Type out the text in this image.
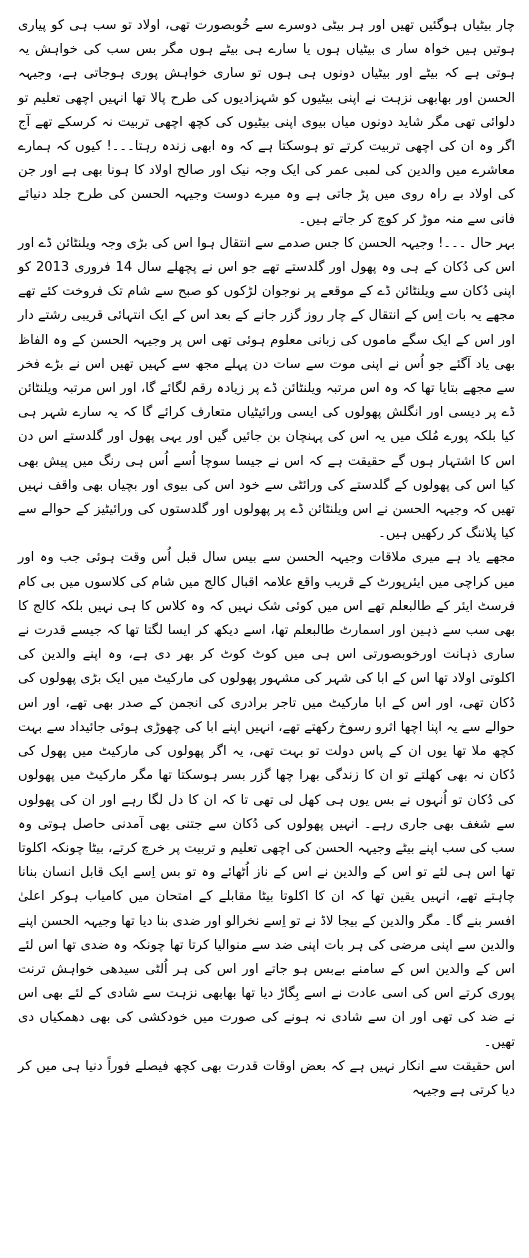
چار بیٹیاں ہوگئیں تھیں اور ہر بیٹی دوسرے سے خُوبصورت تھی، اولاد تو سب ہی کو پیاری ہوتیں ہیں خواہ سار ی بیٹیاں ہوں یا سارے ہی بیٹے ہوں مگر بس سب کی خواہش یہ ہوتی ہے کہ بیٹے اور بیٹیاں دونوں ہی ہوں تو ساری خواہش پوری ہوجاتی ہے، وجیہہ الحسن اور بھابھی نزہت نے اپنی بیٹیوں کو شہزادیوں کی طرح پالا تھا انہیں اچھی تعلیم تو دلوائی تھی مگر شاید دونوں میاں بیوی اپنی بیٹیوں کی کچھ اچھی تربیت نہ کرسکے تھے آج اگر وہ ان کی اچھی تربیت کرتے تو ہوسکتا ہے کہ وہ ابھی زندہ رہتا۔۔۔! کیوں کہ ہمارے معاشرے میں والدین کی لمبی عمر کی ایک وجہ نیک اور صالح اولاد کا ہونا بھی ہے اور جن کی اولاد بے راہ روی میں پڑ جاتی ہے وہ میرے دوست وجیہہ الحسن کی طرح جلد دنیائے فانی سے منہ موڑ کر کوچ کر جاتے ہیں۔

بہر حال ۔۔۔! وجیہہ الحسن کا جس صدمے سے انتقال ہوا اس کی بڑی وجہ ویلنٹائن ڈے اور اس کی دُکان کے ہی وہ پھول اور گلدستے تھے جو اس نے پچھلے سال 14 فروری 2013 کو اپنی دُکان سے ویلنٹائن ڈے کے موقعے پر نوجوان لڑکوں کو صبح سے شام تک فروخت کئے تھے مجھے یہ بات اِس کے انتقال کے چار روز گزر جانے کے بعد اس کے ایک انتہائی قریبی رشتے دار اور اس کے ایک سگے ماموں کی زبانی معلوم ہوئی تھی اس پر وجیہہ الحسن کے وہ الفاظ بھی یاد آگئے جو اُس نے اپنی موت سے سات دن پہلے مجھ سے کہیں تھیں اس نے بڑے فخر سے مجھے بتایا تھا کہ وہ اس مرتبہ ویلنٹائن ڈے پر زیادہ رقم لگائے گا، اور اس مرتبہ ویلنٹائن ڈے پر دیسی اور انگلش پھولوں کی ایسی ورائیٹیاں متعارف کرائے گا کہ یہ سارے شہر ہی کیا بلکہ پورے مُلک میں یہ اس کی پہنچان بن جائیں گیں اور یہی پھول اور گلدستے اس دن اس کا اشتہار ہوں گے حقیقت ہے کہ اس نے جیسا سوچا اُسے اُس ہی رنگ میں پیش بھی کیا اس کی پھولوں کے گلدستے کی ورائٹی سے خود اس کی بیوی اور بچیاں بھی واقف نہیں تھیں کہ وجیہہ الحسن نے اس ویلنٹائن ڈے پر پھولوں اور گلدستوں کی ورائیٹیز کے حوالے سے کیا پلاننگ کر رکھیں ہیں۔

مجھے یاد ہے میری ملاقات وجیہہ الحسن سے بیس سال قبل اُس وقت ہوئی جب وہ اور میں کراچی میں ایئرپورٹ کے قریب واقع علامہ اقبال کالج میں شام کی کلاسوں میں بی کام فرسٹ ایئر کے طالبعلم تھے اس میں کوئی شک نہیں کہ وہ کلاس کا ہی نہیں بلکہ کالج کا بھی سب سے ذہین اور اسمارٹ طالبعلم تھا، اسے دیکھ کر ایسا لگتا تھا کہ جیسے قدرت نے ساری ذہانت اورخوبصورتی اس ہی میں کوٹ کوٹ کر بھر دی ہے، وہ اپنے والدین کی اکلوتی اولاد تھا اس کے ابا کی شہر کی مشہور پھولوں کی مارکیٹ میں ایک بڑی پھولوں کی دُکان تھی، اور اس کے ابا مارکیٹ میں تاجر برادری کی انجمن کے صدر بھی تھے، اور اس حوالے سے یہ اپنا اچھا اثرو رسوخ رکھتے تھے، انہیں اپنے ابا کی چھوڑی ہوئی جائیداد سے بہت کچھ ملا تھا یوں ان کے پاس دولت تو بہت تھی، یہ اگر پھولوں کی مارکیٹ میں پھول کی دُکان نہ بھی کھلتے تو ان کا زندگی بھرا چھا گزر بسر ہوسکتا تھا مگر مارکیٹ میں پھولوں کی دُکان تو اُنہوں نے بس یوں ہی کھل لی تھی تا کہ ان کا دل لگا رہے اور ان کی پھولوں سے شغف بھی جاری رہے۔ انہیں پھولوں کی دُکان سے جتنی بھی آمدنی حاصل ہوتی وہ سب کی سب اپنے بیٹے وجیہہ الحسن کی اچھی تعلیم و تربیت پر خرچ کرتے، بیٹا چونکہ اکلوتا تھا اس ہی لئے تو اس کے والدین نے اس کے ناز اُٹھائے وہ تو بس اِسے ایک قابل انسان بنانا چاہتے تھے، انہیں یقین تھا کہ ان کا اکلوتا بیٹا مقابلے کے امتحان میں کامیاب ہوکر اعلیٰ افسر بنے گا۔ مگر والدین کے بیجا لاڈ نے تو اِسے نخرالو اور ضدی بنا دیا تھا وجیہہ الحسن اپنے والدین سے اپنی مرضی کی ہر بات اپنی ضد سے منوالیا کرتا تھا چونکہ وہ ضدی تھا اس لئے اس کے والدین اس کے سامنے بےبس ہو جاتے اور اس کی ہر اُلٹی سیدھی خواہش ترنت پوری کرتے اس کی اسی عادت نے اسے بِگاڑ دیا تھا بھابھی نزہت سے شادی کے لئے بھی اس نے ضد کی تھی اور ان سے شادی نہ ہونے کی صورت میں خودکشی کی بھی دھمکیاں دی تھیں۔

اس حقیقت سے انکار نہیں ہے کہ بعض اوقات قدرت بھی کچھ فیصلے فوراً دنیا ہی میں کر دیا کرتی ہے وجیہہ
